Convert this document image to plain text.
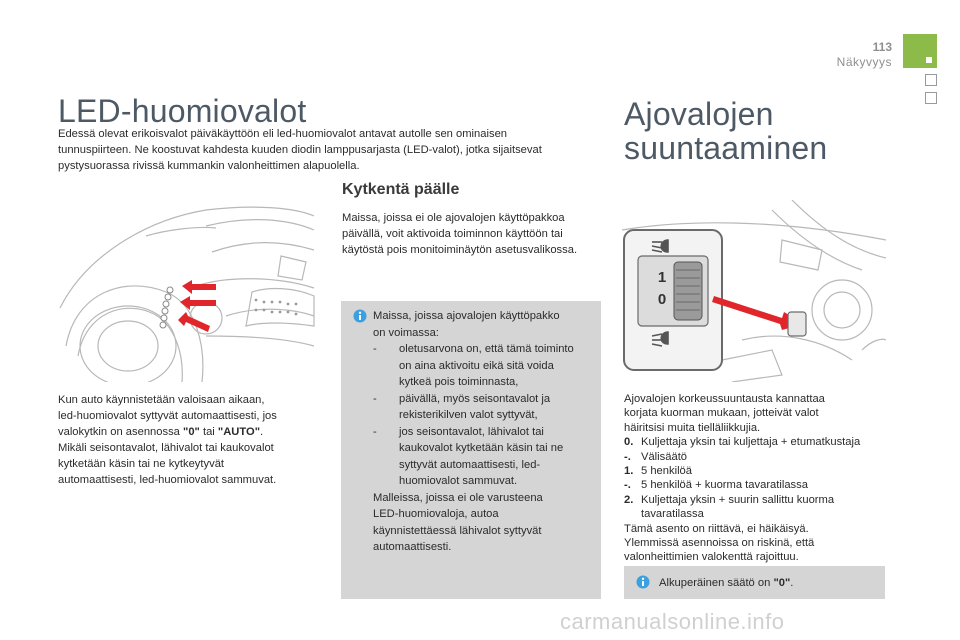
113
Näkyvyys
LED-huomiovalot

Edessä olevat erikoisvalot päiväkäyttöön eli led-huomiovalot antavat autolle sen ominaisen

tunnuspiirteen. Ne koostuvat kahdesta kuuden diodin lamppusarjasta (LED-valot), jotka sijaitsevat

pystysuorassa rivissä kummankin valonheittimen alapuolella.

Kun auto käynnistetään valoisaan aikaan,
led-huomiovalot syttyvät automaattisesti, jos
valokytkin on asennossa "0" tai "AUTO".
Mikäli seisontavalot, lähivalot tai kaukovalot
kytketään käsin tai ne kytkeytyvät
automaattisesti, led-huomiovalot sammuvat.
Kytkentä päälle
Maissa, joissa ei ole ajovalojen käyttöpakkoa
päivällä, voit aktivoida toiminnon käyttöön tai
käytöstä pois monitoiminäytön asetusvalikossa.
Maissa, joissa ajovalojen käyttöpakko
on voimassa:
-	oletusarvona on, että tämä toiminto
on aina aktivoitu eikä sitä voida
kytkeä pois toiminnasta,
-	päivällä, myös seisontavalot ja
rekisterikilven valot syttyvät,
-	jos seisontavalot, lähivalot tai
kaukovalot kytketään käsin tai ne
syttyvät automaattisesti, led-
huomiovalot sammuvat.
Malleissa, joissa ei ole varusteena
LED-huomiovaloja, autoa
käynnistettäessä lähivalot syttyvät
automaattisesti.
Ajovalojen
suuntaaminen
1
0
Ajovalojen korkeussuuntausta kannattaa
korjata kuorman mukaan, jotteivät valot
häiritsisi muita tielläliikkujia.
0. Kuljettaja yksin tai kuljettaja + etumatkustaja
-. Välisäätö
1. 5 henkilöä
-. 5 henkilöä + kuorma tavaratilassa
2. Kuljettaja yksin + suurin sallittu kuorma
tavaratilassa
Tämä asento on riittävä, ei häikäisyä.
Ylemmissä asennoissa on riskinä, että
valonheittimien valokenttä rajoittuu.
Alkuperäinen säätö on "0".
carmanualsonline.info
